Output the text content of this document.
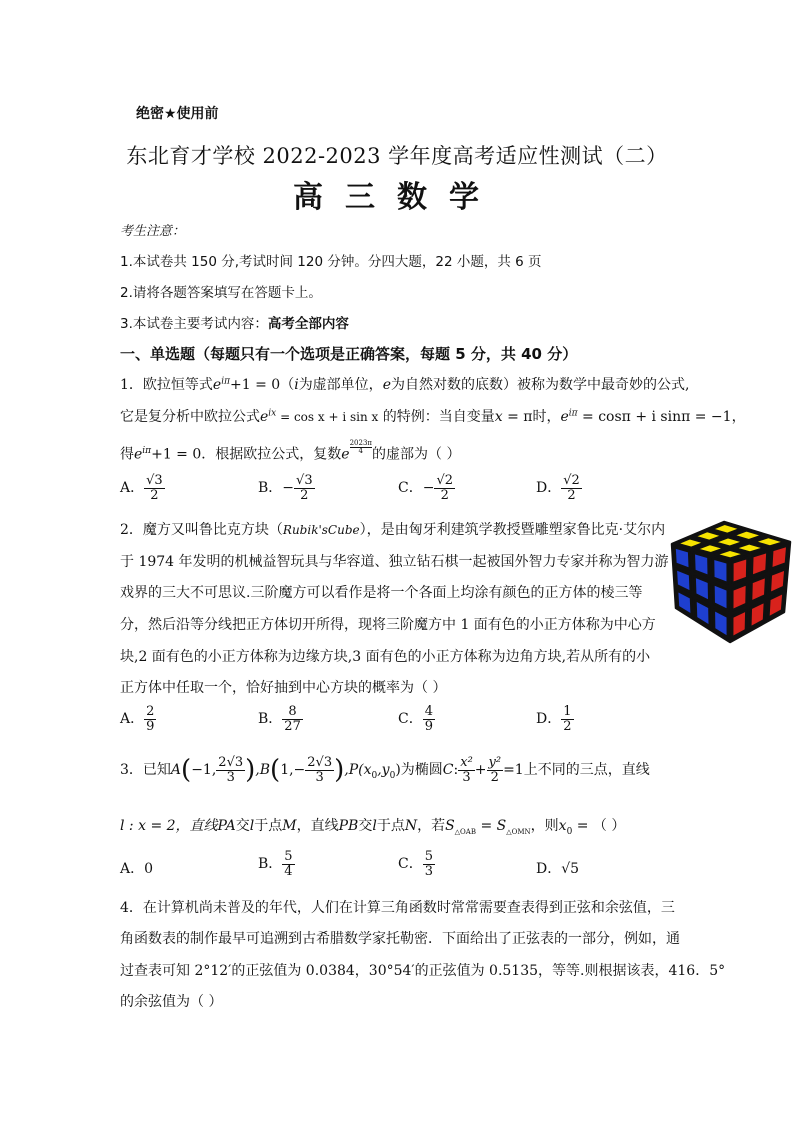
绝密★使用前
东北育才学校 2022-2023 学年度高考适应性测试（二）
高三数学
考生注意：
1.本试卷共 150 分,考试时间 120 分钟。分四大题，22 小题，共 6 页
2.请将各题答案填写在答题卡上。
3.本试卷主要考试内容：高考全部内容
一、单选题（每题只有一个选项是正确答案，每题 5 分，共 40 分）
1．欧拉恒等式$e^{i\pi}+1 = 0(i$为虚部单位，e为自然对数的底数）被称为数学中最奇妙的公式,
它是复分析中欧拉公式$e^{ix} = \cos x + i$ sin x 的特例：当自变量x = π时，$e^{i\pi} = \cos\pi + i$ sinπ = −1，
得$e^{i\pi}+1 = 0$．根据欧拉公式，复数e $\frac{2023\pi}{4}$ 的虚部为（ ）
A． $\frac{√3}{2}$	B．− $\frac{√3}{2}$	C．− $\frac{√2}{2}$	D． $\frac{√2}{2}$
2．魔方又叫鲁比克方块（Rubik'sCube），是由匈牙利建筑学教授暨雕塑家鲁比克·艾尔内
于 1974 年发明的机械益智玩具与华容道、独立钻石棋一起被国外智力专家并称为智力游
戏界的三大不可思议.三阶魔方可以看作是将一个各面上均涂有颜色的正方体的棱三等
分，然后沿等分线把正方体切开所得，现将三阶魔方中 1 面有色的小正方体称为中心方
块,2 面有色的小正方体称为边缘方块,3 面有色的小正方体称为边角方块,若从所有的小
正方体中任取一个，恰好抽到中心方块的概率为（ ）
A． $\frac{2}{9}$	B． $\frac{8}{27}$	C． $\frac{4}{9}$	D． $\frac{1}{2}$
3．已知A(−1, $\frac{2√3}{3} ),B(1,- \frac{2√3}{3} ),P(x_0,y_0)$为椭圆C: $\frac{\text{x²}}{3} + \frac{\text{y²}}{2} =1$上不同的三点，直线
l : x = 2，直线PA交l于点M，直线PB交l于点N，若$S_{\triangle OAB} = S_{\triangle OMN}$，则$x_0$ = （ ）
A．0	B． $\frac{5}{4}$	C． $\frac{5}{3}$	D．√5
4．在计算机尚未普及的年代，人们在计算三角函数时常常需要查表得到正弦和余弦值，三
角函数表的制作最早可追溯到古希腊数学家托勒密．下面给出了正弦表的一部分，例如，通
过查表可知 2°12′的正弦值为 0.0384，30°54′的正弦值为 0.5135，等等.则根据该表，416．5°
的余弦值为（ ）
